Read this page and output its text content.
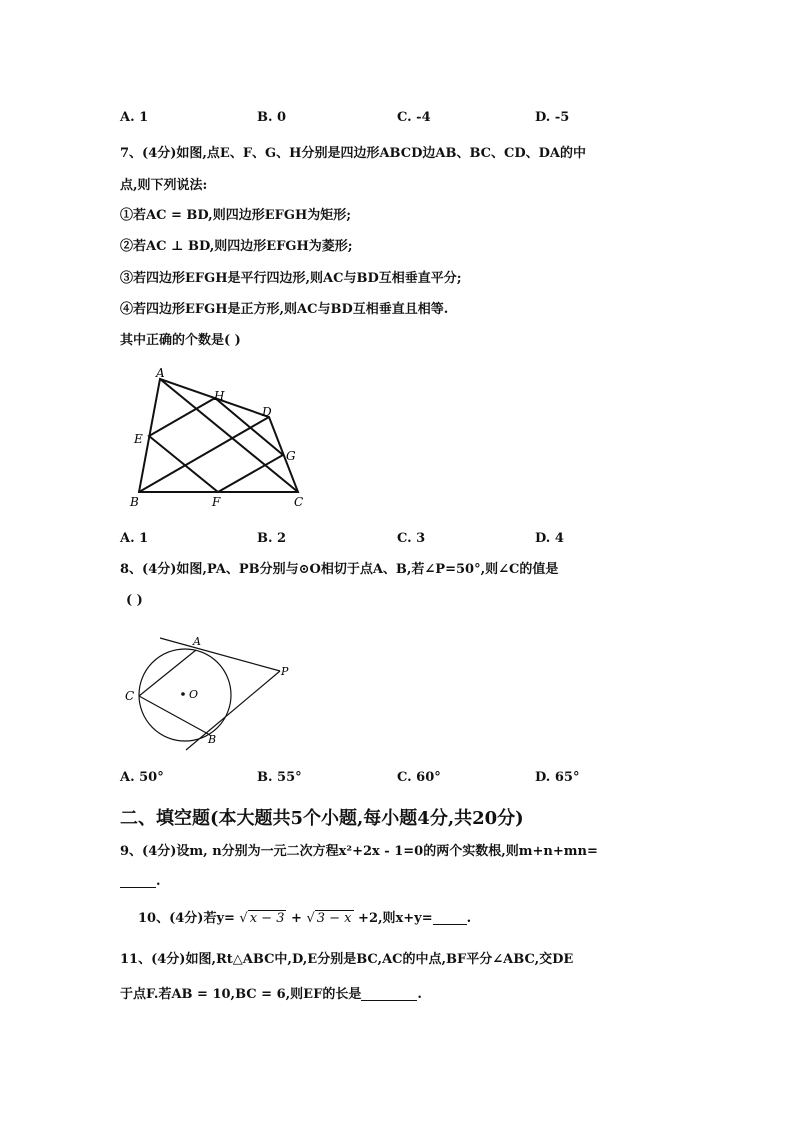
A. 1	B. 0	C. -4	D. -5
7、(4分)如图,点E、F、G、H分别是四边形ABCD边AB、BC、CD、DA的中
点,则下列说法:
①若AC = BD,则四边形EFGH为矩形;
②若AC ⊥ BD,则四边形EFGH为菱形;
③若四边形EFGH是平行四边形,则AC与BD互相垂直平分;
④若四边形EFGH是正方形,则AC与BD互相垂直且相等.
其中正确的个数是( )
A
H
D
E
G
B	F	C
A. 1	B. 2	C. 3	D. 4
8、(4分)如图,PA、PB分别与⊙O相切于点A、B,若∠P=50°,则∠C的值是
( )
A
P
C	O
B
A. 50°	B. 55°	C. 60°	D. 65°
二、填空题(本大题共5个小题,每小题4分,共20分)
9、(4分)设m, n分别为一元二次方程x²+2x - 1=0的两个实数根,则m+n+mn=
.
10、(4分)若y= √ x − 3 + √ 3 − x +2,则x+y=	.
11、(4分)如图,Rt△ABC中,D,E分别是BC,AC的中点,BF平分∠ABC,交DE
于点F.若AB = 10,BC = 6,则EF的长是	.
